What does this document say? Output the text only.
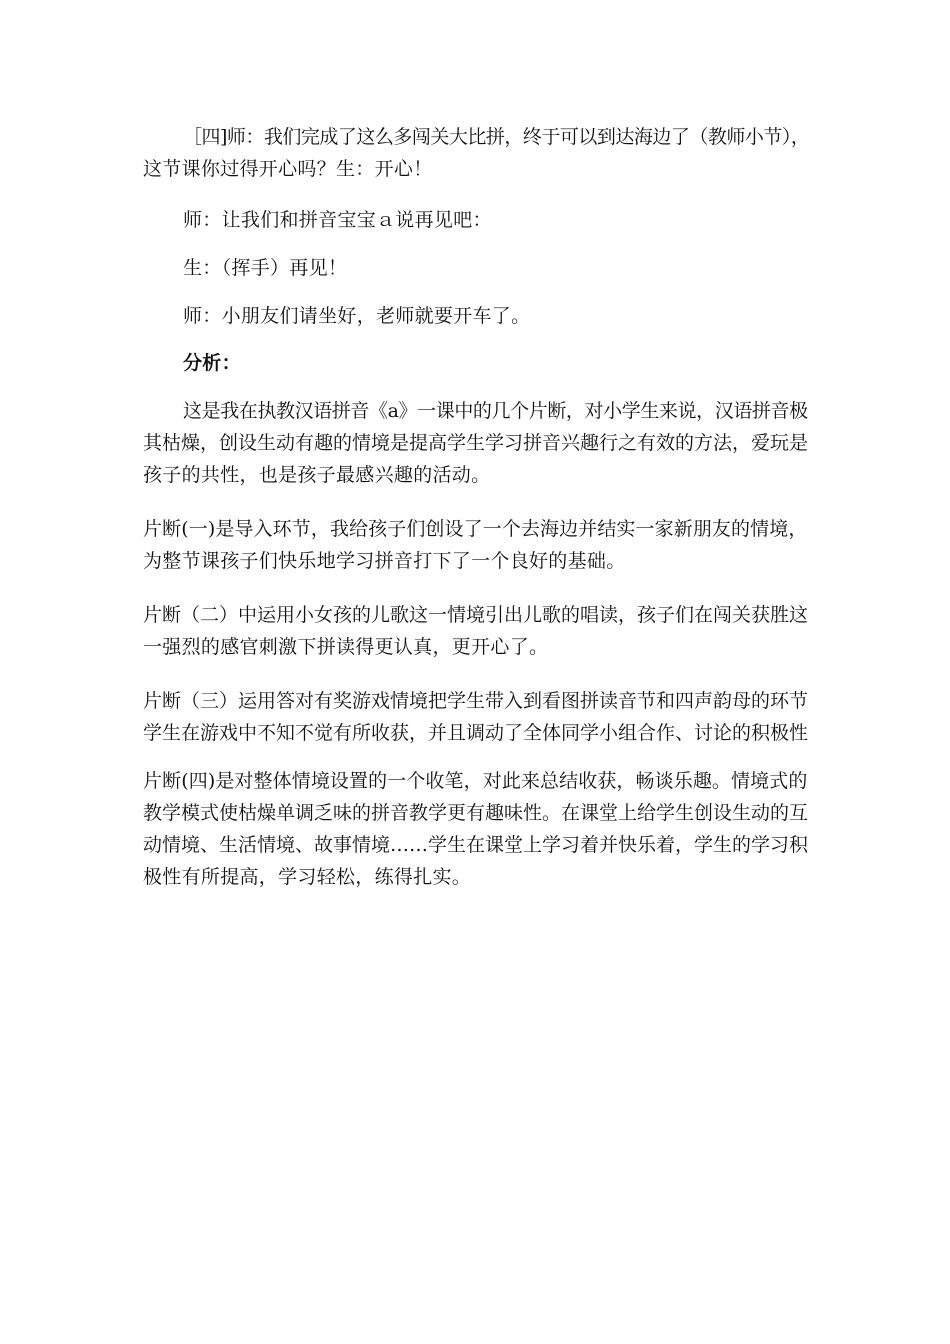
［四]师：我们完成了这么多闯关大比拼，终于可以到达海边了（教师小节），
这节课你过得开心吗？生：开心！

师：让我们和拼音宝宝ａ说再见吧：

生：（挥手）再见！

师：小朋友们请坐好，老师就要开车了。

分析：

这是我在执教汉语拼音《a》一课中的几个片断，对小学生来说，汉语拼音极
其枯燥，创设生动有趣的情境是提高学生学习拼音兴趣行之有效的方法，爱玩是
孩子的共性，也是孩子最感兴趣的活动。

片断(一)是导入环节，我给孩子们创设了一个去海边并结实一家新朋友的情境，
为整节课孩子们快乐地学习拼音打下了一个良好的基础。

片断（二）中运用小女孩的儿歌这一情境引出儿歌的唱读，孩子们在闯关获胜这
一强烈的感官刺激下拼读得更认真，更开心了。

片断（三）运用答对有奖游戏情境把学生带入到看图拼读音节和四声韵母的环节
学生在游戏中不知不觉有所收获，并且调动了全体同学小组合作、讨论的积极性

片断(四)是对整体情境设置的一个收笔，对此来总结收获，畅谈乐趣。情境式的
教学模式使枯燥单调乏味的拼音教学更有趣味性。在课堂上给学生创设生动的互
动情境、生活情境、故事情境……学生在课堂上学习着并快乐着，学生的学习积
极性有所提高，学习轻松，练得扎实。
